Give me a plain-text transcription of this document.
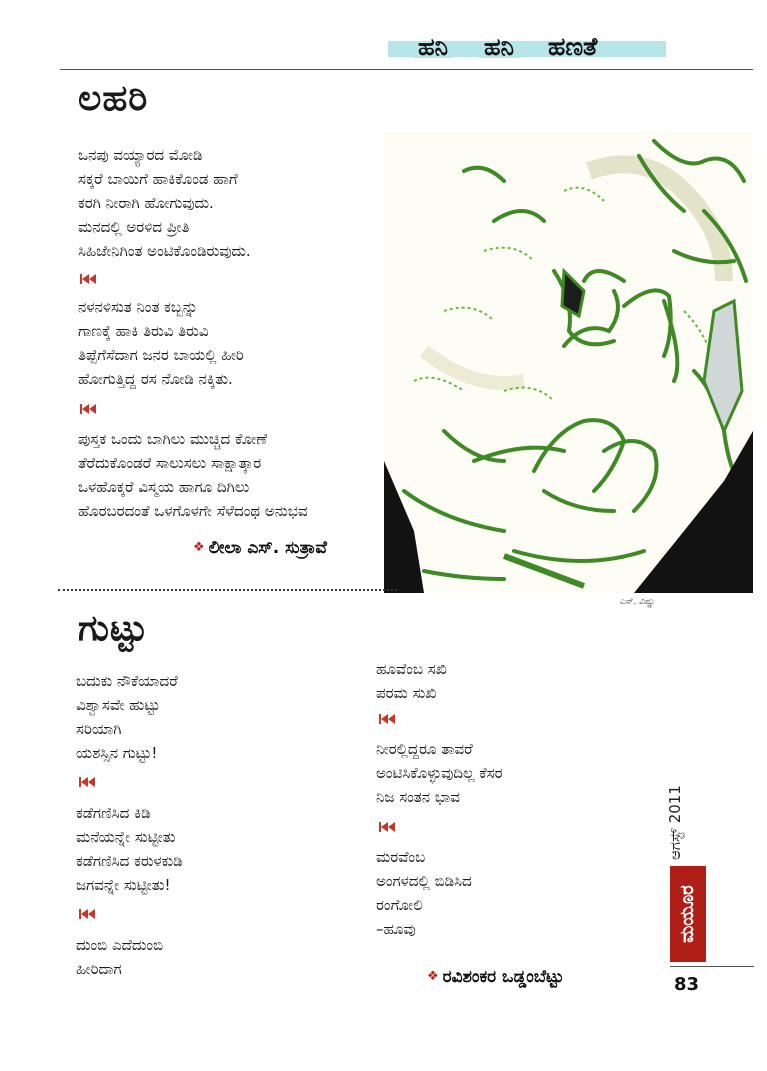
ಹನಿ	ಹನಿ	ಹಣತೆ
ಲಹರಿ
ಒನಪು ವಯ್ಯಾರದ ಮೋಡಿ
ಸಕ್ಕರೆ ಬಾಯಿಗೆ ಹಾಕಿಕೊಂಡ ಹಾಗೆ
ಕರಗಿ ನೀರಾಗಿ ಹೋಗುವುದು.
ಮನದಲ್ಲಿ ಅರಳಿದ ಪ್ರೀತಿ
ಸಿಹಿಜೇನಿಗಿಂತ ಅಂಟಿಕೊಂಡಿರುವುದು.
ನಳನಳಿಸುತ ನಿಂತ ಕಬ್ಬನ್ನು
ಗಾಣಕ್ಕೆ ಹಾಕಿ ತಿರುವಿ ತಿರುವಿ
ತಿಪ್ಪೆಗೆಸೆದಾಗ ಜನರ ಬಾಯಲ್ಲಿ ಹೀರಿ
ಹೋಗುತ್ತಿದ್ದ ರಸ ನೋಡಿ ನಕ್ಕಿತು.
ಪುಸ್ತಕ ಒಂದು ಬಾಗಿಲು ಮುಚ್ಚಿದ ಕೋಣೆ
ತೆರೆದುಕೊಂಡರೆ ಸಾಲುಸಲು ಸಾಕ್ಷಾತ್ಕಾರ
ಒಳಹೊಕ್ಕರೆ ವಿಸ್ಮಯ ಹಾಗೂ ದಿಗಿಲು
ಹೊರಬರದಂತೆ ಒಳಗೊಳಗೇ ಸೆಳೆದಂಥ ಅನುಭವ
❖ ಲೀಲಾ ಎಸ್. ಸುತ್ರಾವೆ
ಎಸ್. ವಿಷ್ಣು
ಗುಟ್ಟು
ಬದುಕು ನೌಕೆಯಾದರೆ
ವಿಶ್ವಾಸವೇ ಹುಟ್ಟು
ಸರಿಯಾಗಿ
ಯಶಸ್ಸಿನ ಗುಟ್ಟು!
ಕಡೆಗಣಿಸಿದ ಕಿಡಿ
ಮನೆಯನ್ನೇ ಸುಟ್ಟೀತು
ಕಡೆಗಣಿಸಿದ ಕರುಳಕುಡಿ
ಜಗವನ್ನೇ ಸುಟ್ಟೀತು!
ದುಂಬಿ ಎದೆದುಂಬಿ
ಹೀರಿದಾಗ
ಹೂವೆಂಬ ಸಖಿ
ಪರಮ ಸುಖಿ
ನೀರಲ್ಲಿದ್ದರೂ ತಾವರೆ
ಅಂಟಿಸಿಕೊಳ್ಳುವುದಿಲ್ಲ ಕೆಸರ
ನಿಜ ಸಂತನ ಭಾವ
ಮರವೆಂಬ
ಅಂಗಳದಲ್ಲಿ ಬಿಡಿಸಿದ
ರಂಗೋಲಿ
–ಹೂವು
❖ ರವಿಶಂಕರ ಒಡ್ಡಂಬೆಟ್ಟು
ಆಗಸ್ಟ್ 2011
ಮಯೂರ
83
